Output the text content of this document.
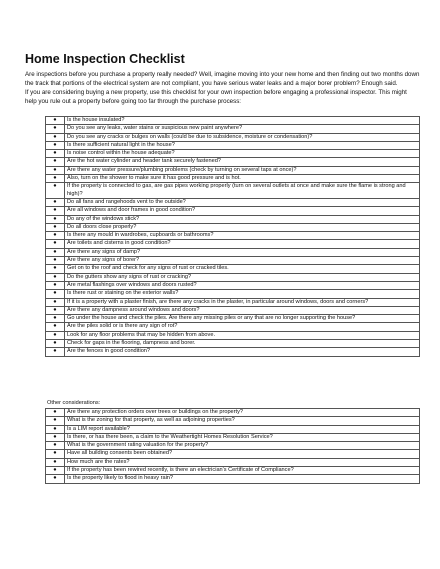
Home Inspection Checklist

Are inspections before you purchase a property really needed? Well, imagine moving into your new home and then finding out two months down the track that portions of the electrical system are not compliant, you have serious water leaks and a major borer problem? Enough said.

If you are considering buying a new property, use this checklist for your own inspection before engaging a professional inspector. This might help you rule out a property before going too far through the purchase process:

●	Is the house insulated?
●	Do you see any leaks, water stains or suspicious new paint anywhere?
●	Do you see any cracks or bulges on walls (could be due to subsidence, moisture or condensation)?
●	Is there sufficient natural light in the house?
●	Is noise control within the house adequate?
●	Are the hot water cylinder and header tank securely fastened?
●	Are there any water pressure/plumbing problems (check by turning on several taps at once)?
●	Also, turn on the shower to make sure it has good pressure and is hot.
●	If the property is connected to gas, are gas pipes working properly (turn on several outlets at once and make sure the flame is strong and high)?
●	Do all fans and rangehoods vent to the outside?
●	Are all windows and door frames in good condition?
●	Do any of the windows stick?
●	Do all doors close properly?
●	Is there any mould in wardrobes, cupboards or bathrooms?
●	Are toilets and cisterns in good condition?
●	Are there any signs of damp?
●	Are there any signs of borer?
●	Get on to the roof and check for any signs of rust or cracked tiles.
●	Do the gutters show any signs of rust or cracking?
●	Are metal flashings over windows and doors rusted?
●	Is there rust or staining on the exterior walls?
●	If it is a property with a plaster finish, are there any cracks in the plaster, in particular around windows, doors and corners?
●	Are there any dampness around windows and doors?
●	Go under the house and check the piles. Are there any missing piles or any that are no longer supporting the house?
●	Are the piles solid or is there any sign of rot?
●	Look for any floor problems that may be hidden from above.
●	Check for gaps in the flooring, dampness and borer.
●	Are the fences in good condition?
Other considerations:
●	Are there any protection orders over trees or buildings on the property?
●	What is the zoning for that property, as well as adjoining properties?
●	Is a LIM report available?
●	Is there, or has there been, a claim to the Weathertight Homes Resolution Service?
●	What is the government rating valuation for the property?
●	Have all building consents been obtained?
●	How much are the rates?
●	If the property has been rewired recently, is there an electrician's Certificate of Compliance?
●	Is the property likely to flood in heavy rain?
